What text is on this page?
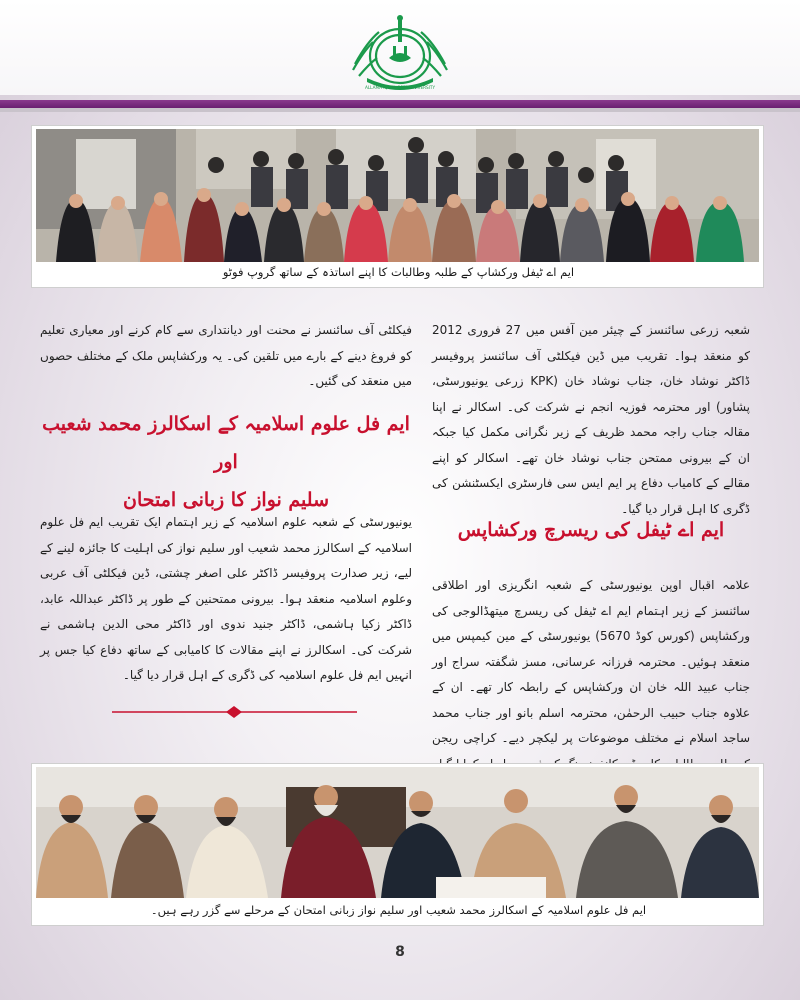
ALLAMA IQBAL OPEN UNIVERSITY
ایم اے ٹیفل ورکشاپ کے طلبہ وطالبات کا اپنے اساتذہ کے ساتھ گروپ فوٹو

شعبہ زرعی سائنسز کے چیئر مین آفس میں 27 فروری 2012 کو منعقد ہوا۔ تقریب میں ڈین فیکلٹی آف سائنسز پروفیسر ڈاکٹر نوشاد خان، جناب نوشاد خان (KPK زرعی یونیورسٹی، پشاور) اور محترمہ فوزیہ انجم نے شرکت کی۔ اسکالر نے اپنا مقالہ جناب راجہ محمد ظریف کے زیر نگرانی مکمل کیا جبکہ ان کے بیرونی ممتحن جناب نوشاد خان تھے۔ اسکالر کو اپنے مقالے کے کامیاب دفاع پر ایم ایس سی فارسٹری ایکسٹنشن کی ڈگری کا اہل قرار دیا گیا۔

ایم اے ٹیفل کی ریسرچ ورکشاپس

علامہ اقبال اوپن یونیورسٹی کے شعبہ انگریزی اور اطلاقی سائنسز کے زیر اہتمام ایم اے ٹیفل کی ریسرچ میتھڈالوجی کی ورکشاپس (کورس کوڈ 5670) یونیورسٹی کے مین کیمپس میں منعقد ہوئیں۔ محترمہ فرزانہ عرسانی، مسز شگفتہ سراج اور جناب عبید اللہ خان ان ورکشاپس کے رابطہ کار تھے۔ ان کے علاوہ جناب حبیب الرحمٰن، محترمہ اسلم بانو اور جناب محمد ساجد اسلام نے مختلف موضوعات پر لیکچر دیے۔ کراچی ریجن

فیکلٹی آف سائنسز نے محنت اور دیانتداری سے کام کرنے اور معیاری تعلیم کو فروغ دینے کے بارے میں تلقین کی۔ یہ ورکشاپس ملک کے مختلف حصوں میں منعقد کی گئیں۔

ایم فل علوم اسلامیہ کے اسکالرز محمد شعیب اور
سلیم نواز کا زبانی امتحان

یونیورسٹی کے شعبہ علوم اسلامیہ کے زیر اہتمام ایک تقریب ایم فل علوم اسلامیہ کے اسکالرز محمد شعیب اور سلیم نواز کی اہلیت کا جائزہ لینے کے لیے، زیر صدارت پروفیسر ڈاکٹر علی اصغر چشتی، ڈین فیکلٹی آف عربی وعلوم اسلامیہ منعقد ہوا۔ بیرونی ممتحنین کے طور پر ڈاکٹر عبداللہ عابد، ڈاکٹر زکیا ہاشمی، ڈاکٹر جنید ندوی اور ڈاکٹر محی الدین ہاشمی نے شرکت کی۔ اسکالرز نے اپنے مقالات کا کامیابی کے ساتھ دفاع کیا جس پر انہیں ایم فل علوم اسلامیہ کی ڈگری کے اہل قرار دیا گیا۔

ایم فل علوم اسلامیہ کے اسکالرز محمد شعیب اور سلیم نواز زبانی امتحان کے مرحلے سے گزر رہے ہیں۔
8
